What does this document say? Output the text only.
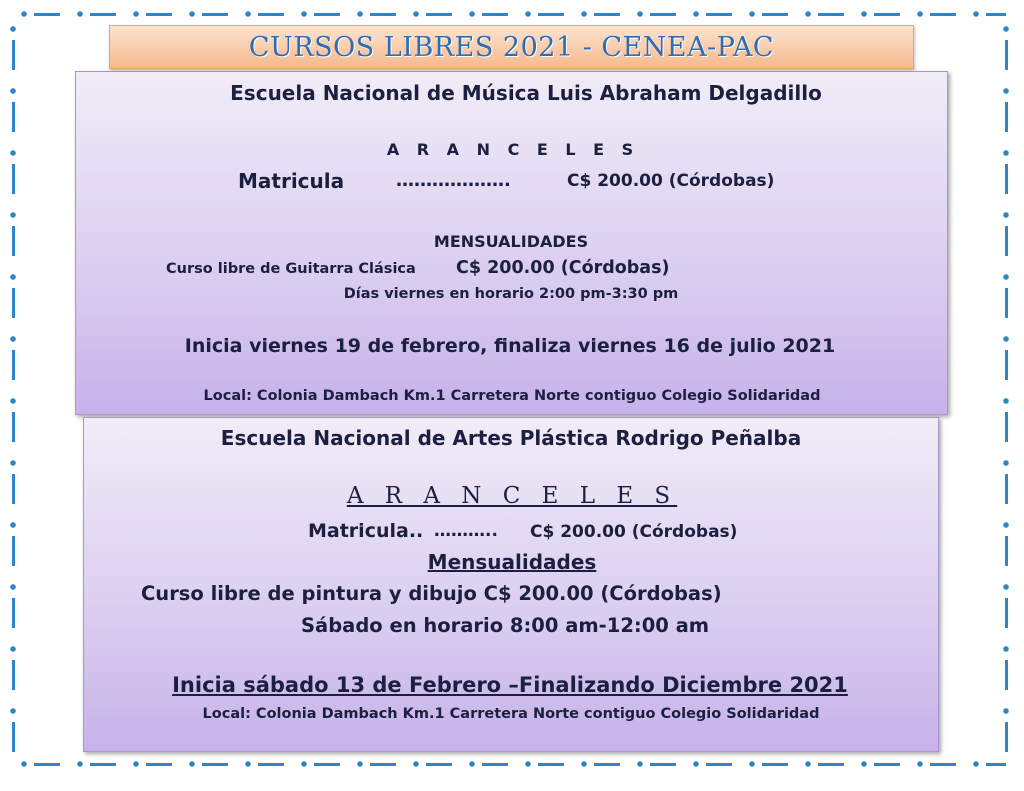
CURSOS LIBRES 2021 - CENEA-PAC
Escuela Nacional de Música Luis Abraham Delgadillo
A R A N C E L E S
Matricula	……………….	C$ 200.00 (Córdobas)
MENSUALIDADES
Curso libre de Guitarra Clásica C$ 200.00 (Córdobas)
Días viernes en horario 2:00 pm-3:30 pm
Inicia viernes 19 de febrero, finaliza viernes 16 de julio 2021
Local: Colonia Dambach Km.1 Carretera Norte contiguo Colegio Solidaridad
Escuela Nacional de Artes Plástica Rodrigo Peñalba
A R A N C E L E S
Matricula.. ……….. C$ 200.00 (Córdobas)
Mensualidades
Curso libre de pintura y dibujo C$ 200.00 (Córdobas)
Sábado en horario 8:00 am-12:00 am
Inicia sábado 13 de Febrero –Finalizando Diciembre 2021
Local: Colonia Dambach Km.1 Carretera Norte contiguo Colegio Solidaridad
